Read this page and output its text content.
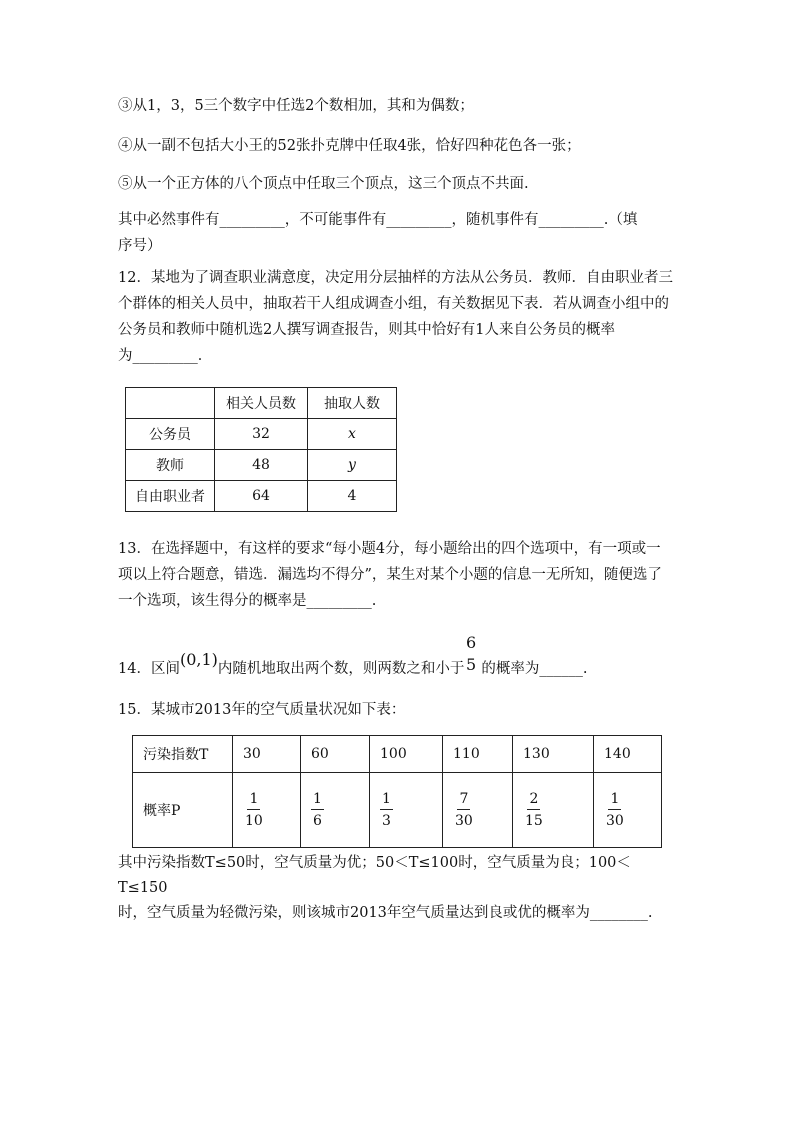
③从1，3，5三个数字中任选2个数相加，其和为偶数；
④从一副不包括大小王的52张扑克牌中任取4张，恰好四种花色各一张；
⑤从一个正方体的八个顶点中任取三个顶点，这三个顶点不共面.

其中必然事件有_________，不可能事件有_________，随机事件有_________.（填

序号）

12．某地为了调查职业满意度，决定用分层抽样的方法从公务员．教师．自由职业者三

个群体的相关人员中，抽取若干人组成调查小组，有关数据见下表．若从调查小组中的

公务员和教师中随机选2人撰写调查报告，则其中恰好有1人来自公务员的概率

为_________．

	相关人员数	抽取人数
公务员	32	x
教师	48	y
自由职业者	64	4

13．在选择题中，有这样的要求“每小题4分，每小题给出的四个选项中，有一项或一

项以上符合题意，错选．漏选均不得分”，某生对某个小题的信息一无所知，随便选了

一个选项，该生得分的概率是_________.

14．区间(0,1)内随机地取出两个数，则两数之和小于 的概率为______.
6
5
15．某城市2013年的空气质量状况如下表：
污染指数T	30	60	100	110	130	140
概率P	$\frac{1}{10}$	$\frac{1}{6}$	$\frac{1}{3}$	$\frac{7}{30}$	$\frac{2}{15}$	$\frac{1}{30}$

其中污染指数T≤50时，空气质量为优；50＜T≤100时，空气质量为良；100＜T≤150

时，空气质量为轻微污染，则该城市2013年空气质量达到良或优的概率为________.
